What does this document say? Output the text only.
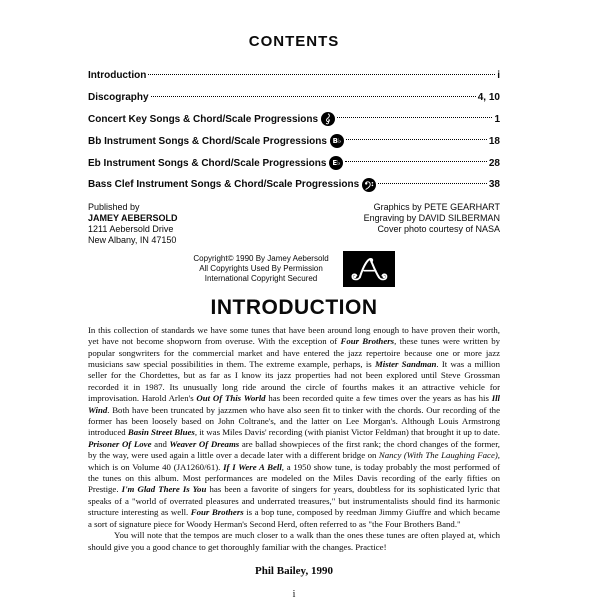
CONTENTS
Introduction	i
Discography	4, 10
Concert Key Songs & Chord/Scale Progressions	1
Bb Instrument Songs & Chord/Scale Progressions B♭	18
Eb Instrument Songs & Chord/Scale Progressions E♭	28
Bass Clef Instrument Songs & Chord/Scale Progressions	38
Published by
JAMEY AEBERSOLD
1211 Aebersold Drive
New Albany, IN 47150
Graphics by PETE GEARHART
Engraving by DAVID SILBERMAN
Cover photo courtesy of NASA
Copyright© 1990 By Jamey Aebersold
All Copyrights Used By Permission
International Copyright Secured
INTRODUCTION

In this collection of standards we have some tunes that have been around long enough to have proven their worth, yet have not become shopworn from overuse. With the exception of Four Brothers, these tunes were written by popular songwriters for the commercial market and have entered the jazz repertoire because one or more jazz musicians saw special possibilities in them. The extreme example, perhaps, is Mister Sandman. It was a million seller for the Chordettes, but as far as I know its jazz properties had not been explored until Steve Grossman recorded it in 1987. Its unusually long ride around the circle of fourths makes it an attractive vehicle for improvisation. Harold Arlen's Out Of This World has been recorded quite a few times over the years as has his Ill Wind. Both have been truncated by jazzmen who have also seen fit to tinker with the chords. Our recording of the former has been loosely based on John Coltrane's, and the latter on Lee Morgan's. Although Louis Armstrong introduced Basin Street Blues, it was Miles Davis' recording (with pianist Victor Feldman) that brought it up to date. Prisoner Of Love and Weaver Of Dreams are ballad showpieces of the first rank; the chord changes of the former, by the way, were used again a little over a decade later with a different bridge on Nancy (With The Laughing Face), which is on Volume 40 (JA1260/61). If I Were A Bell, a 1950 show tune, is today probably the most performed of the tunes on this album. Most performances are modeled on the Miles Davis recording of the early fifties on Prestige. I'm Glad There Is You has been a favorite of singers for years, doubtless for its sophisticated lyric that speaks of a "world of overrated pleasures and underrated treasures," but instrumentalists should find its harmonic structure interesting as well. Four Brothers is a bop tune, composed by reedman Jimmy Giuffre and which became a sort of signature piece for Woody Herman's Second Herd, often referred to as "the Four Brothers Band."

You will note that the tempos are much closer to a walk than the ones these tunes are often played at, which should give you a good chance to get thoroughly familiar with the changes. Practice!

Phil Bailey, 1990
i
